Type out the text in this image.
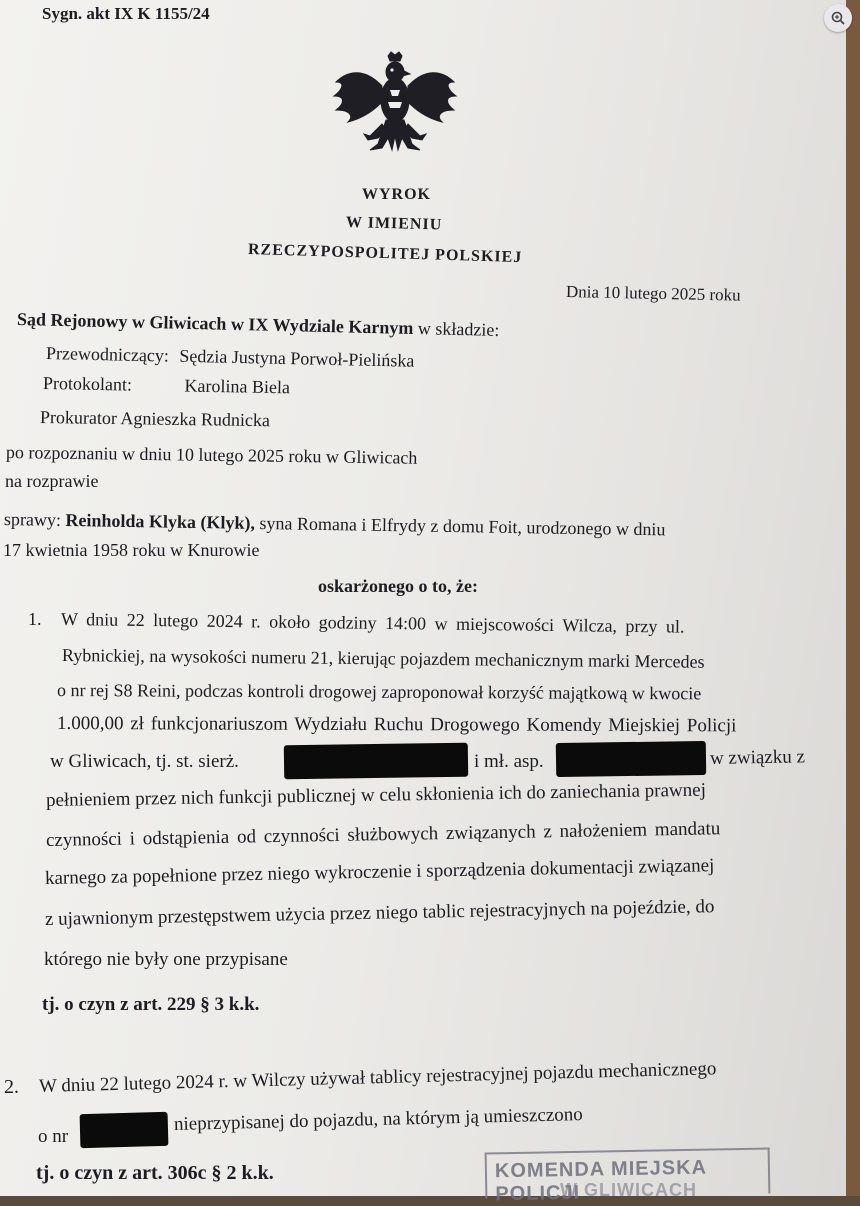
Sygn. akt IX K 1155/24
WYROK
W IMIENIU
RZECZYPOSPOLITEJ POLSKIEJ
Dnia 10 lutego 2025 roku
Sąd Rejonowy w Gliwicach w IX Wydziale Karnym w składzie:
Przewodniczący: Sędzia Justyna Porwoł-Pielińska
Protokolant:	Karolina Biela
Prokurator Agnieszka Rudnicka
po rozpoznaniu w dniu 10 lutego 2025 roku w Gliwicach
na rozprawie
sprawy: Reinholda Klyka (Klyk), syna Romana i Elfrydy z domu Foit, urodzonego w dniu
17 kwietnia 1958 roku w Knurowie
oskarżonego o to, że:
1. W dniu 22 lutego 2024 r. około godziny 14:00 w miejscowości Wilcza, przy ul.
Rybnickiej, na wysokości numeru 21, kierując pojazdem mechanicznym marki Mercedes
o nr rej S8 Reini, podczas kontroli drogowej zaproponował korzyść majątkową w kwocie
1.000,00 zł funkcjonariuszom Wydziału Ruchu Drogowego Komendy Miejskiej Policji
w Gliwicach, tj. st. sierż.	i mł. asp.	w związku z
pełnieniem przez nich funkcji publicznej w celu skłonienia ich do zaniechania prawnej
czynności i odstąpienia od czynności służbowych związanych z nałożeniem mandatu
karnego za popełnione przez niego wykroczenie i sporządzenia dokumentacji związanej
z ujawnionym przestępstwem użycia przez niego tablic rejestracyjnych na pojeździe, do
którego nie były one przypisane
tj. o czyn z art. 229 § 3 k.k.
2. W dniu 22 lutego 2024 r. w Wilczy używał tablicy rejestracyjnej pojazdu mechanicznego
o nr
nieprzypisanej do pojazdu, na którym ją umieszczono
tj. o czyn z art. 306c § 2 k.k.	KOMENDA MIEJSKA POLICJI
W GLIWICACH
